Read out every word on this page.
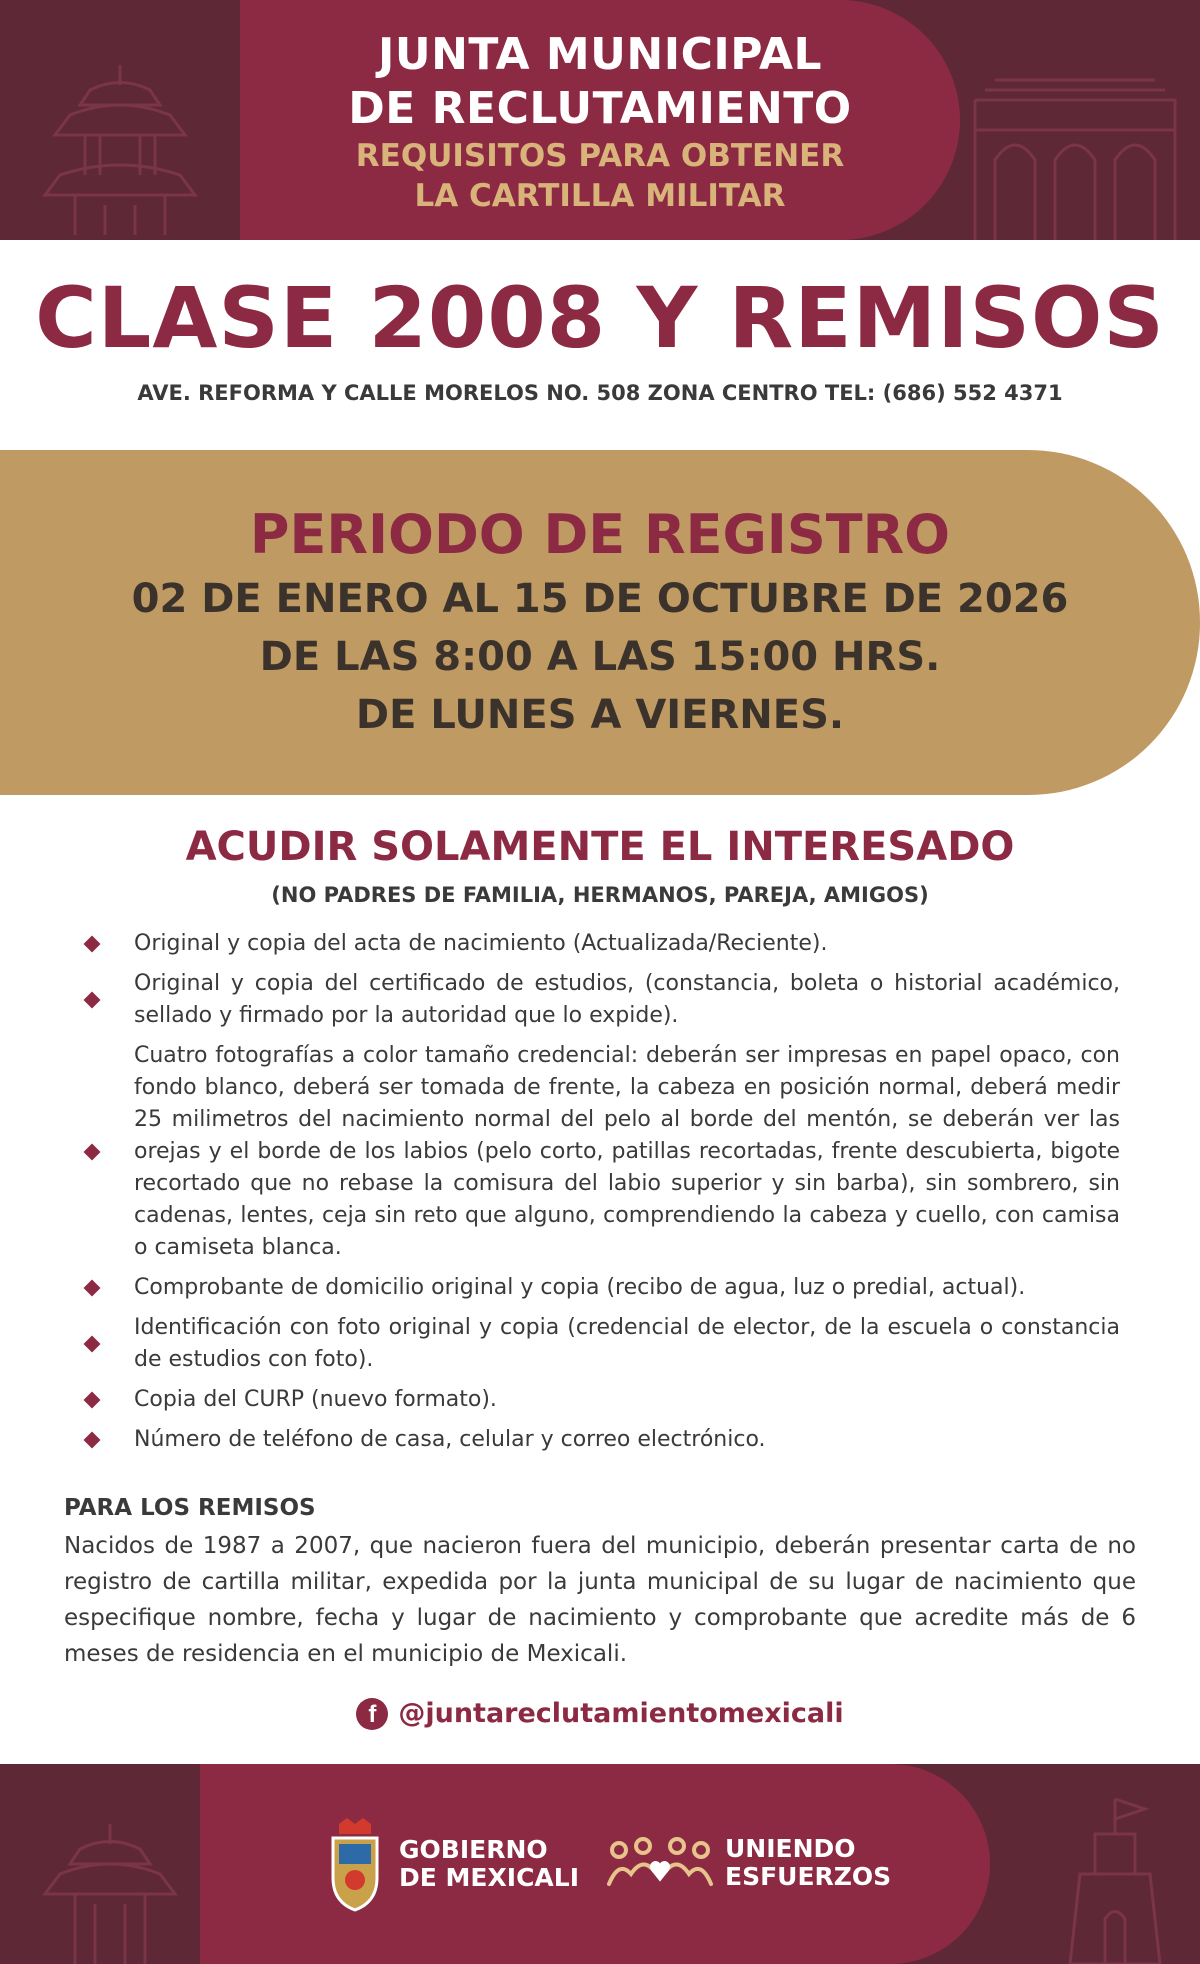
JUNTA MUNICIPAL
DE RECLUTAMIENTO
REQUISITOS PARA OBTENER
LA CARTILLA MILITAR
CLASE 2008 Y REMISOS
AVE. REFORMA Y CALLE MORELOS NO. 508 ZONA CENTRO TEL: (686) 552 4371
PERIODO DE REGISTRO
02 DE ENERO AL 15 DE OCTUBRE DE 2026
DE LAS 8:00 A LAS 15:00 HRS.
DE LUNES A VIERNES.
ACUDIR SOLAMENTE EL INTERESADO
(NO PADRES DE FAMILIA, HERMANOS, PAREJA, AMIGOS)
Original y copia del acta de nacimiento (Actualizada/Reciente).
Original y copia del certificado de estudios, (constancia, boleta o historial académico, sellado y firmado por la autoridad que lo expide).
Cuatro fotografías a color tamaño credencial: deberán ser impresas en papel opaco, con fondo blanco, deberá ser tomada de frente, la cabeza en posición normal, deberá medir 25 milimetros del nacimiento normal del pelo al borde del mentón, se deberán ver las orejas y el borde de los labios (pelo corto, patillas recortadas, frente descubierta, bigote recortado que no rebase la comisura del labio superior y sin barba), sin sombrero, sin cadenas, lentes, ceja sin reto que alguno, comprendiendo la cabeza y cuello, con camisa o camiseta blanca.
Comprobante de domicilio original y copia (recibo de agua, luz o predial, actual).
Identificación con foto original y copia (credencial de elector, de la escuela o constancia de estudios con foto).
Copia del CURP (nuevo formato).
Número de teléfono de casa, celular y correo electrónico.
PARA LOS REMISOS
Nacidos de 1987 a 2007, que nacieron fuera del municipio, deberán presentar carta de no registro de cartilla militar, expedida por la junta municipal de su lugar de nacimiento que especifique nombre, fecha y lugar de nacimiento y comprobante que acredite más de 6 meses de residencia en el municipio de Mexicali.
f @juntareclutamientomexicali
GOBIERNO
DE MEXICALI
UNIENDO
ESFUERZOS
